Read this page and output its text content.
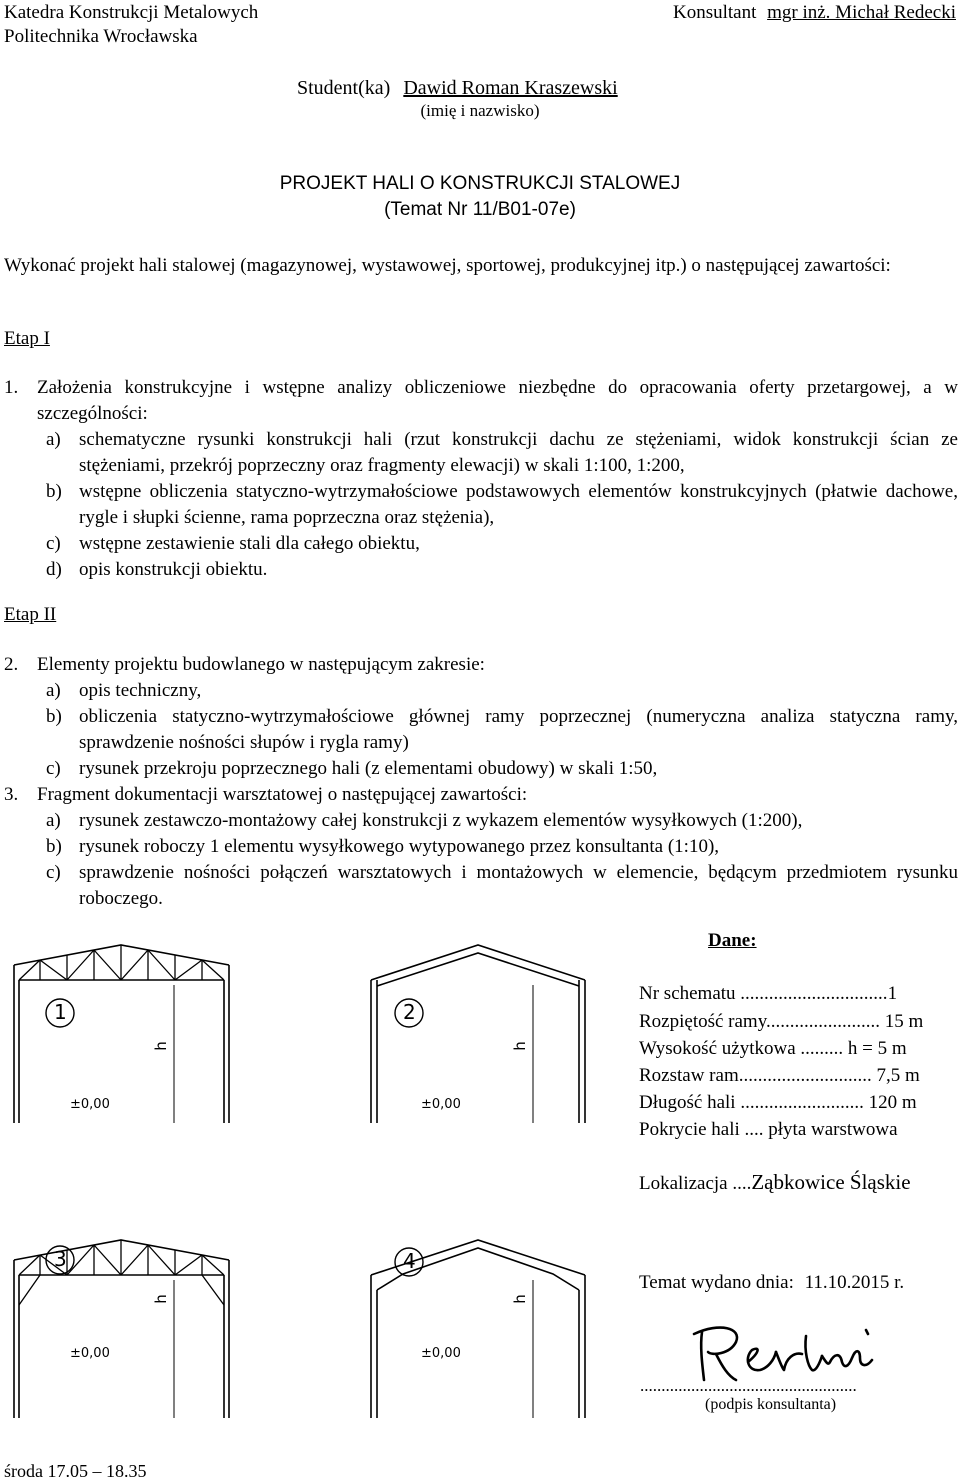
Katedra Konstrukcji Metalowych
Politechnika Wrocławska
Konsultant mgr inż. Michał Redecki
Student(ka) Dawid Roman Kraszewski
(imię i nazwisko)
PROJEKT HALI O KONSTRUKCJI STALOWEJ
(Temat Nr 11/B01-07e)
Wykonać projekt hali stalowej (magazynowej, wystawowej, sportowej, produkcyjnej itp.) o następującej zawartości:
Etap I
1. Założenia konstrukcyjne i wstępne analizy obliczeniowe niezbędne do opracowania oferty przetargowej, a w szczególności:
a) schematyczne rysunki konstrukcji hali (rzut konstrukcji dachu ze stężeniami, widok konstrukcji ścian ze stężeniami, przekrój poprzeczny oraz fragmenty elewacji) w skali 1:100, 1:200,
b) wstępne obliczenia statyczno-wytrzymałościowe podstawowych elementów konstrukcyjnych (płatwie dachowe, rygle i słupki ścienne, rama poprzeczna oraz stężenia),
c) wstępne zestawienie stali dla całego obiektu,
d) opis konstrukcji obiektu.
Etap II
2. Elementy projektu budowlanego w następującym zakresie:
a) opis techniczny,
b) obliczenia statyczno-wytrzymałościowe głównej ramy poprzecznej (numeryczna analiza statyczna ramy, sprawdzenie nośności słupów i rygla ramy)
c) rysunek przekroju poprzecznego hali (z elementami obudowy) w skali 1:50,
3. Fragment dokumentacji warsztatowej o następującej zawartości:
a) rysunek zestawczo-montażowy całej konstrukcji z wykazem elementów wysyłkowych (1:200),
b) rysunek roboczy 1 elementu wysyłkowego wytypowanego przez konsultanta (1:10),
c) sprawdzenie nośności połączeń warsztatowych i montażowych w elemencie, będącym przedmiotem rysunku roboczego.
1
h
±0,00
2
h
±0,00
3
h
±0,00
4
h
±0,00
Dane:
Nr schematu ...............................1
Rozpiętość ramy........................ 15 m
Wysokość użytkowa ......... h = 5 m
Rozstaw ram............................ 7,5 m
Długość hali .......................... 120 m
Pokrycie hali .... płyta warstwowa
Lokalizacja ....Ząbkowice Śląskie
Temat wydano dnia: 11.10.2015 r.
...................................................
(podpis konsultanta)
środa 17.05 – 18.35
